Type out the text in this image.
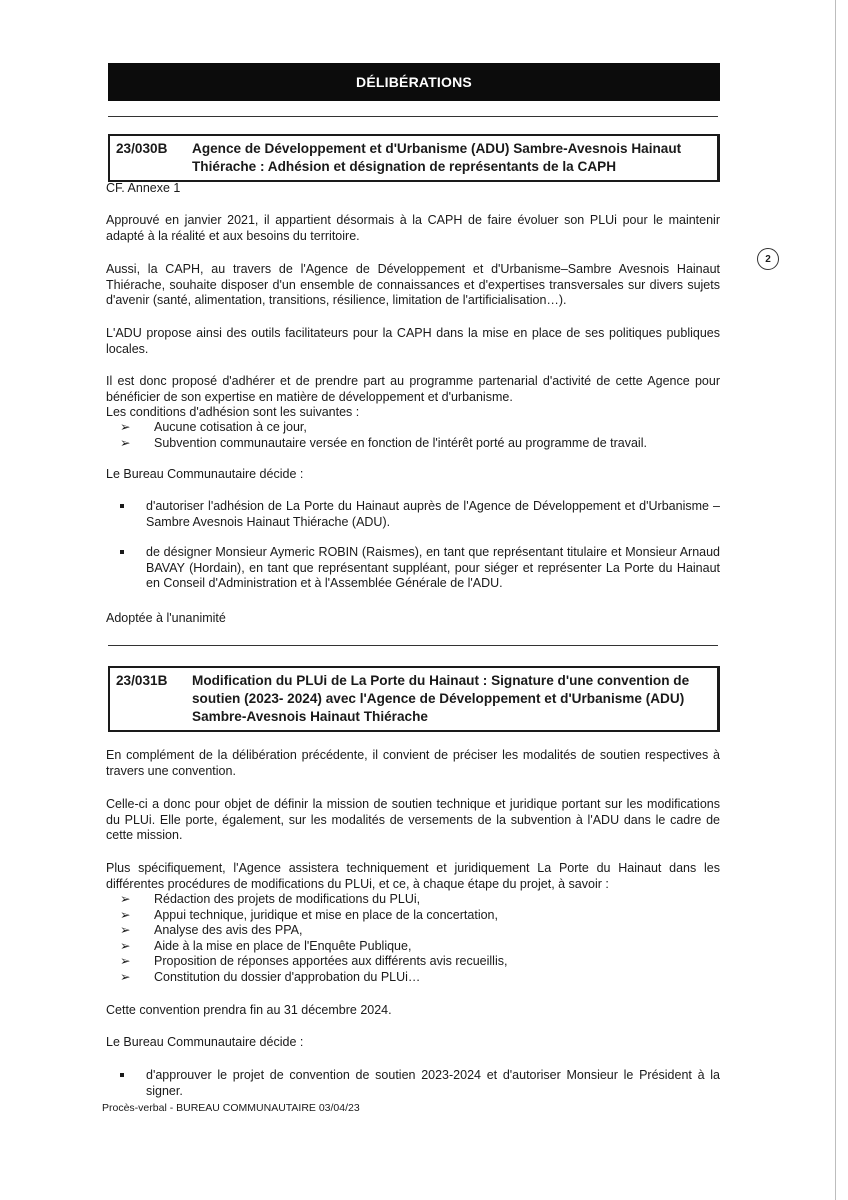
DÉLIBÉRATIONS
23/030B	Agence de Développement et d'Urbanisme (ADU) Sambre-Avesnois Hainaut Thiérache : Adhésion et désignation de représentants de la CAPH
CF. Annexe 1
Approuvé en janvier 2021, il appartient désormais à la CAPH de faire évoluer son PLUi pour le maintenir adapté à la réalité et aux besoins du territoire.
Aussi, la CAPH, au travers de l'Agence de Développement et d'Urbanisme–Sambre Avesnois Hainaut Thiérache, souhaite disposer d'un ensemble de connaissances et d'expertises transversales sur divers sujets d'avenir (santé, alimentation, transitions, résilience, limitation de l'artificialisation…).
L'ADU propose ainsi des outils facilitateurs pour la CAPH dans la mise en place de ses politiques publiques locales.
Il est donc proposé d'adhérer et de prendre part au programme partenarial d'activité de cette Agence pour bénéficier de son expertise en matière de développement et d'urbanisme.
Les conditions d'adhésion sont les suivantes :
➢ Aucune cotisation à ce jour,
➢ Subvention communautaire versée en fonction de l'intérêt porté au programme de travail.
Le Bureau Communautaire décide :
d'autoriser l'adhésion de La Porte du Hainaut auprès de l'Agence de Développement et d'Urbanisme – Sambre Avesnois Hainaut Thiérache (ADU).
de désigner Monsieur Aymeric ROBIN (Raismes), en tant que représentant titulaire et Monsieur Arnaud BAVAY (Hordain), en tant que représentant suppléant, pour siéger et représenter La Porte du Hainaut en Conseil d'Administration et à l'Assemblée Générale de l'ADU.
Adoptée à l'unanimité
2
23/031B	Modification du PLUi de La Porte du Hainaut : Signature d'une convention de soutien (2023- 2024) avec l'Agence de Développement et d'Urbanisme (ADU) Sambre-Avesnois Hainaut Thiérache
En complément de la délibération précédente, il convient de préciser les modalités de soutien respectives à travers une convention.
Celle-ci a donc pour objet de définir la mission de soutien technique et juridique portant sur les modifications du PLUi. Elle porte, également, sur les modalités de versements de la subvention à l'ADU dans le cadre de cette mission.
Plus spécifiquement, l'Agence assistera techniquement et juridiquement La Porte du Hainaut dans les différentes procédures de modifications du PLUi, et ce, à chaque étape du projet, à savoir :
➢ Rédaction des projets de modifications du PLUi,
➢ Appui technique, juridique et mise en place de la concertation,
➢ Analyse des avis des PPA,
➢ Aide à la mise en place de l'Enquête Publique,
➢ Proposition de réponses apportées aux différents avis recueillis,
➢ Constitution du dossier d'approbation du PLUi…
Cette convention prendra fin au 31 décembre 2024.
Le Bureau Communautaire décide :
d'approuver le projet de convention de soutien 2023-2024 et d'autoriser Monsieur le Président à la signer.
Procès-verbal - BUREAU COMMUNAUTAIRE 03/04/23
